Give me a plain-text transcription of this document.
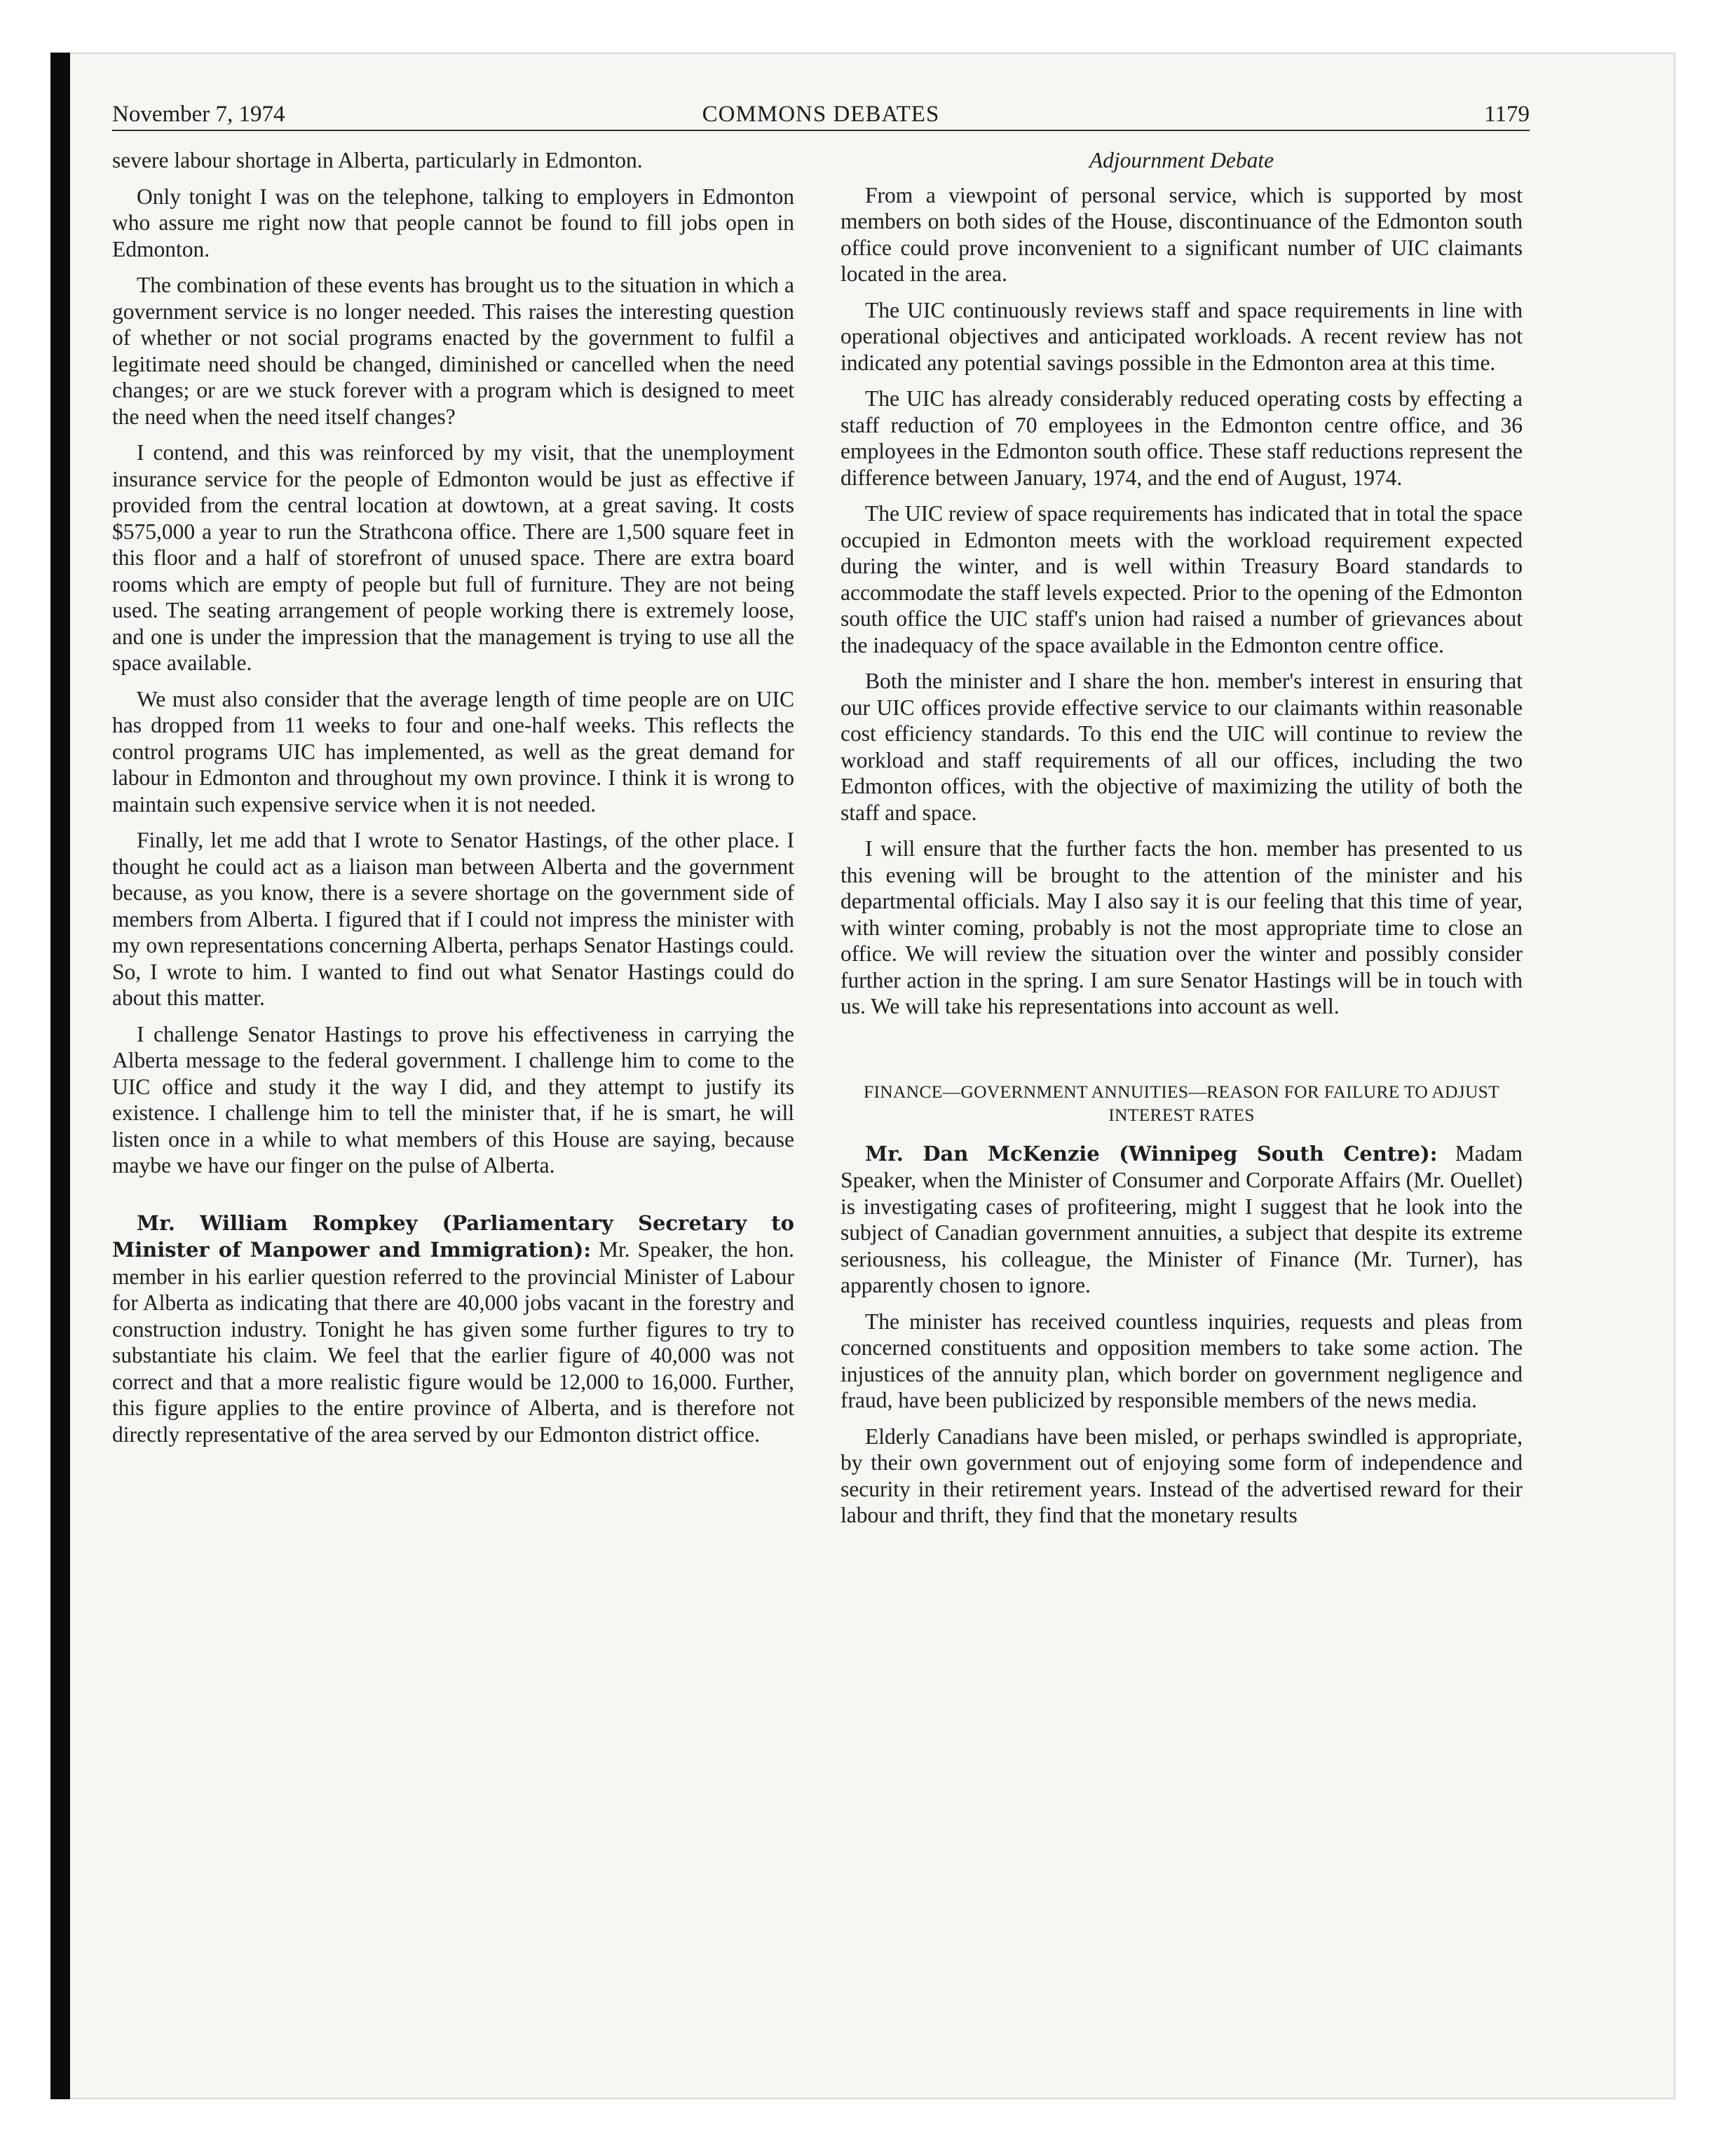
November 7, 1974	COMMONS DEBATES	1179

severe labour shortage in Alberta, particularly in Edmonton.

Only tonight I was on the telephone, talking to employers in Edmonton who assure me right now that people cannot be found to fill jobs open in Edmonton.

The combination of these events has brought us to the situation in which a government service is no longer needed. This raises the interesting question of whether or not social programs enacted by the government to fulfil a legitimate need should be changed, diminished or cancelled when the need changes; or are we stuck forever with a program which is designed to meet the need when the need itself changes?

I contend, and this was reinforced by my visit, that the unemployment insurance service for the people of Edmonton would be just as effective if provided from the central location at dowtown, at a great saving. It costs $575,000 a year to run the Strathcona office. There are 1,500 square feet in this floor and a half of storefront of unused space. There are extra board rooms which are empty of people but full of furniture. They are not being used. The seating arrangement of people working there is extremely loose, and one is under the impression that the management is trying to use all the space available.

We must also consider that the average length of time people are on UIC has dropped from 11 weeks to four and one-half weeks. This reflects the control programs UIC has implemented, as well as the great demand for labour in Edmonton and throughout my own province. I think it is wrong to maintain such expensive service when it is not needed.

Finally, let me add that I wrote to Senator Hastings, of the other place. I thought he could act as a liaison man between Alberta and the government because, as you know, there is a severe shortage on the government side of members from Alberta. I figured that if I could not impress the minister with my own representations concerning Alberta, perhaps Senator Hastings could. So, I wrote to him. I wanted to find out what Senator Hastings could do about this matter.

I challenge Senator Hastings to prove his effectiveness in carrying the Alberta message to the federal government. I challenge him to come to the UIC office and study it the way I did, and they attempt to justify its existence. I challenge him to tell the minister that, if he is smart, he will listen once in a while to what members of this House are saying, because maybe we have our finger on the pulse of Alberta.

Mr. William Rompkey (Parliamentary Secretary to Minister of Manpower and Immigration): Mr. Speaker, the hon. member in his earlier question referred to the provincial Minister of Labour for Alberta as indicating that there are 40,000 jobs vacant in the forestry and construction industry. Tonight he has given some further figures to try to substantiate his claim. We feel that the earlier figure of 40,000 was not correct and that a more realistic figure would be 12,000 to 16,000. Further, this figure applies to the entire province of Alberta, and is therefore not directly representative of the area served by our Edmonton district office.

Adjournment Debate

From a viewpoint of personal service, which is supported by most members on both sides of the House, discontinuance of the Edmonton south office could prove inconvenient to a significant number of UIC claimants located in the area.

The UIC continuously reviews staff and space requirements in line with operational objectives and anticipated workloads. A recent review has not indicated any potential savings possible in the Edmonton area at this time.

The UIC has already considerably reduced operating costs by effecting a staff reduction of 70 employees in the Edmonton centre office, and 36 employees in the Edmonton south office. These staff reductions represent the difference between January, 1974, and the end of August, 1974.

The UIC review of space requirements has indicated that in total the space occupied in Edmonton meets with the workload requirement expected during the winter, and is well within Treasury Board standards to accommodate the staff levels expected. Prior to the opening of the Edmonton south office the UIC staff's union had raised a number of grievances about the inadequacy of the space available in the Edmonton centre office.

Both the minister and I share the hon. member's interest in ensuring that our UIC offices provide effective service to our claimants within reasonable cost efficiency standards. To this end the UIC will continue to review the workload and staff requirements of all our offices, including the two Edmonton offices, with the objective of maximizing the utility of both the staff and space.

I will ensure that the further facts the hon. member has presented to us this evening will be brought to the attention of the minister and his departmental officials. May I also say it is our feeling that this time of year, with winter coming, probably is not the most appropriate time to close an office. We will review the situation over the winter and possibly consider further action in the spring. I am sure Senator Hastings will be in touch with us. We will take his representations into account as well.

FINANCE—GOVERNMENT ANNUITIES—REASON FOR FAILURE TO ADJUST INTEREST RATES

Mr. Dan McKenzie (Winnipeg South Centre): Madam Speaker, when the Minister of Consumer and Corporate Affairs (Mr. Ouellet) is investigating cases of profiteering, might I suggest that he look into the subject of Canadian government annuities, a subject that despite its extreme seriousness, his colleague, the Minister of Finance (Mr. Turner), has apparently chosen to ignore.

The minister has received countless inquiries, requests and pleas from concerned constituents and opposition members to take some action. The injustices of the annuity plan, which border on government negligence and fraud, have been publicized by responsible members of the news media.

Elderly Canadians have been misled, or perhaps swindled is appropriate, by their own government out of enjoying some form of independence and security in their retirement years. Instead of the advertised reward for their labour and thrift, they find that the monetary results
